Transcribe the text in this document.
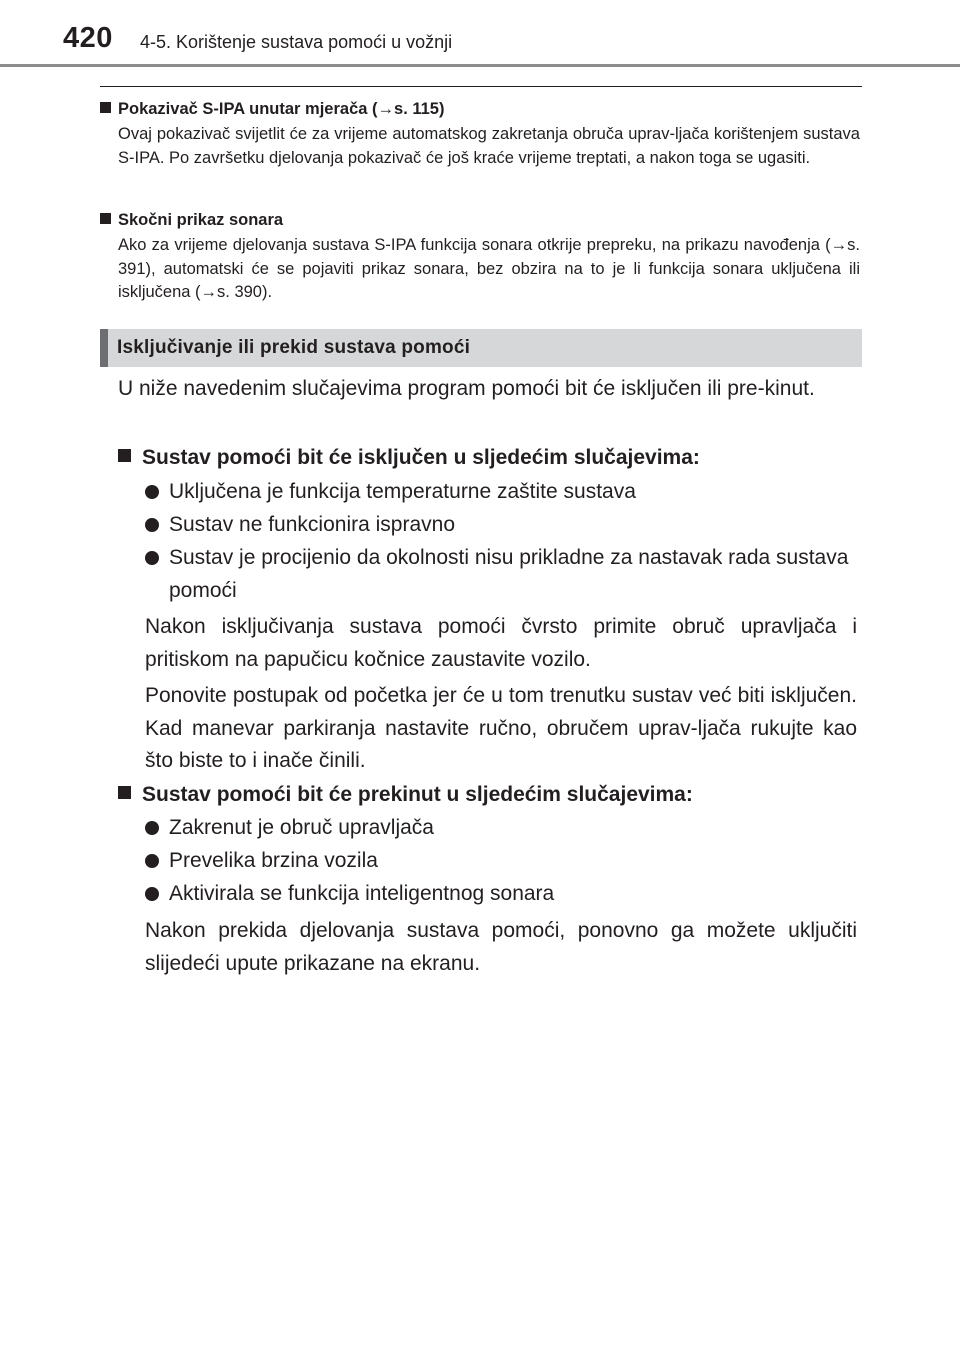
420 4-5. Korištenje sustava pomoći u vožnji
Pokazivač S-IPA unutar mjerača (→s. 115)
Ovaj pokazivač svijetlit će za vrijeme automatskog zakretanja obruča uprav-ljača korištenjem sustava S-IPA. Po završetku djelovanja pokazivač će još kraće vrijeme treptati, a nakon toga se ugasiti.
Skočni prikaz sonara
Ako za vrijeme djelovanja sustava S-IPA funkcija sonara otkrije prepreku, na prikazu navođenja (→s. 391), automatski će se pojaviti prikaz sonara, bez obzira na to je li funkcija sonara uključena ili isključena (→s. 390).
Isključivanje ili prekid sustava pomoći
U niže navedenim slučajevima program pomoći bit će isključen ili pre-kinut.
Sustav pomoći bit će isključen u sljedećim slučajevima:
Uključena je funkcija temperaturne zaštite sustava
Sustav ne funkcionira ispravno
Sustav je procijenio da okolnosti nisu prikladne za nastavak rada sustava pomoći
Nakon isključivanja sustava pomoći čvrsto primite obruč upravljača i pritiskom na papučicu kočnice zaustavite vozilo.
Ponovite postupak od početka jer će u tom trenutku sustav već biti isključen. Kad manevar parkiranja nastavite ručno, obručem uprav-ljača rukujte kao što biste to i inače činili.
Sustav pomoći bit će prekinut u sljedećim slučajevima:
Zakrenut je obruč upravljača
Prevelika brzina vozila
Aktivirala se funkcija inteligentnog sonara
Nakon prekida djelovanja sustava pomoći, ponovno ga možete uključiti slijedeći upute prikazane na ekranu.
